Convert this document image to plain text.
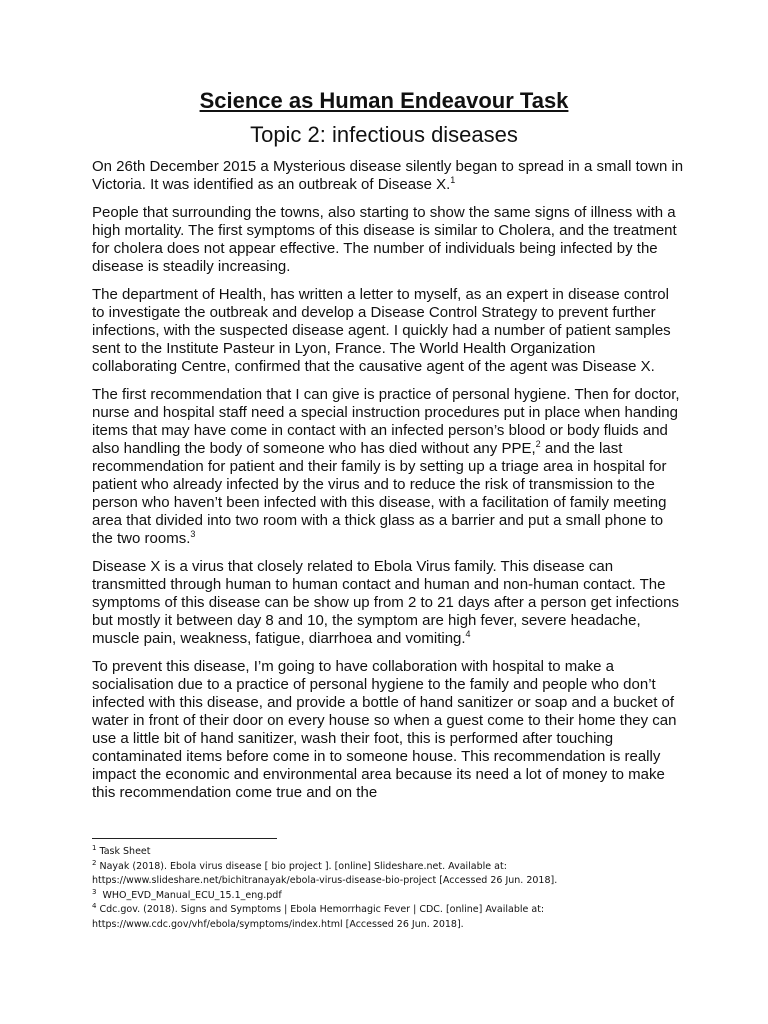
Science as Human Endeavour Task
Topic 2: infectious diseases

On 26th December 2015 a Mysterious disease silently began to spread in a small town in Victoria. It was identified as an outbreak of Disease X.$^1$

People that surrounding the towns, also starting to show the same signs of illness with a high mortality. The first symptoms of this disease is similar to Cholera, and the treatment for cholera does not appear effective. The number of individuals being infected by the disease is steadily increasing.

The department of Health, has written a letter to myself, as an expert in disease control to investigate the outbreak and develop a Disease Control Strategy to prevent further infections, with the suspected disease agent. I quickly had a number of patient samples sent to the Institute Pasteur in Lyon, France. The World Health Organization collaborating Centre, confirmed that the causative agent of the agent was Disease X.

The first recommendation that I can give is practice of personal hygiene. Then for doctor, nurse and hospital staff need a special instruction procedures put in place when handing items that may have come in contact with an infected person’s blood or body fluids and also handling the body of someone who has died without any PPE,$^2$ and the last recommendation for patient and their family is by setting up a triage area in hospital for patient who already infected by the virus and to reduce the risk of transmission to the person who haven’t been infected with this disease, with a facilitation of family meeting area that divided into two room with a thick glass as a barrier and put a small phone to the two rooms.$^3$

Disease X is a virus that closely related to Ebola Virus family. This disease can transmitted through human to human contact and human and non-human contact. The symptoms of this disease can be show up from 2 to 21 days after a person get infections but mostly it between day 8 and 10, the symptom are high fever, severe headache, muscle pain, weakness, fatigue, diarrhoea and vomiting.$^4$

To prevent this disease, I’m going to have collaboration with hospital to make a socialisation due to a practice of personal hygiene to the family and people who don’t infected with this disease, and provide a bottle of hand sanitizer or soap and a bucket of water in front of their door on every house so when a guest come to their home they can use a little bit of hand sanitizer, wash their foot, this is performed after touching contaminated items before come in to someone house. This recommendation is really impact the economic and environmental area because its need a lot of money to make this recommendation come true and on the

$^1$ Task Sheet

$^2$ Nayak (2018). Ebola virus disease [ bio project ]. [online] Slideshare.net. Available at:

https://www.slideshare.net/bichitranayak/ebola-virus-disease-bio-project [Accessed 26 Jun. 2018].

$^3$ WHO_EVD_Manual_ECU_15.1_eng.pdf

$^4$ Cdc.gov. (2018). Signs and Symptoms | Ebola Hemorrhagic Fever | CDC. [online] Available at:

https://www.cdc.gov/vhf/ebola/symptoms/index.html [Accessed 26 Jun. 2018].
